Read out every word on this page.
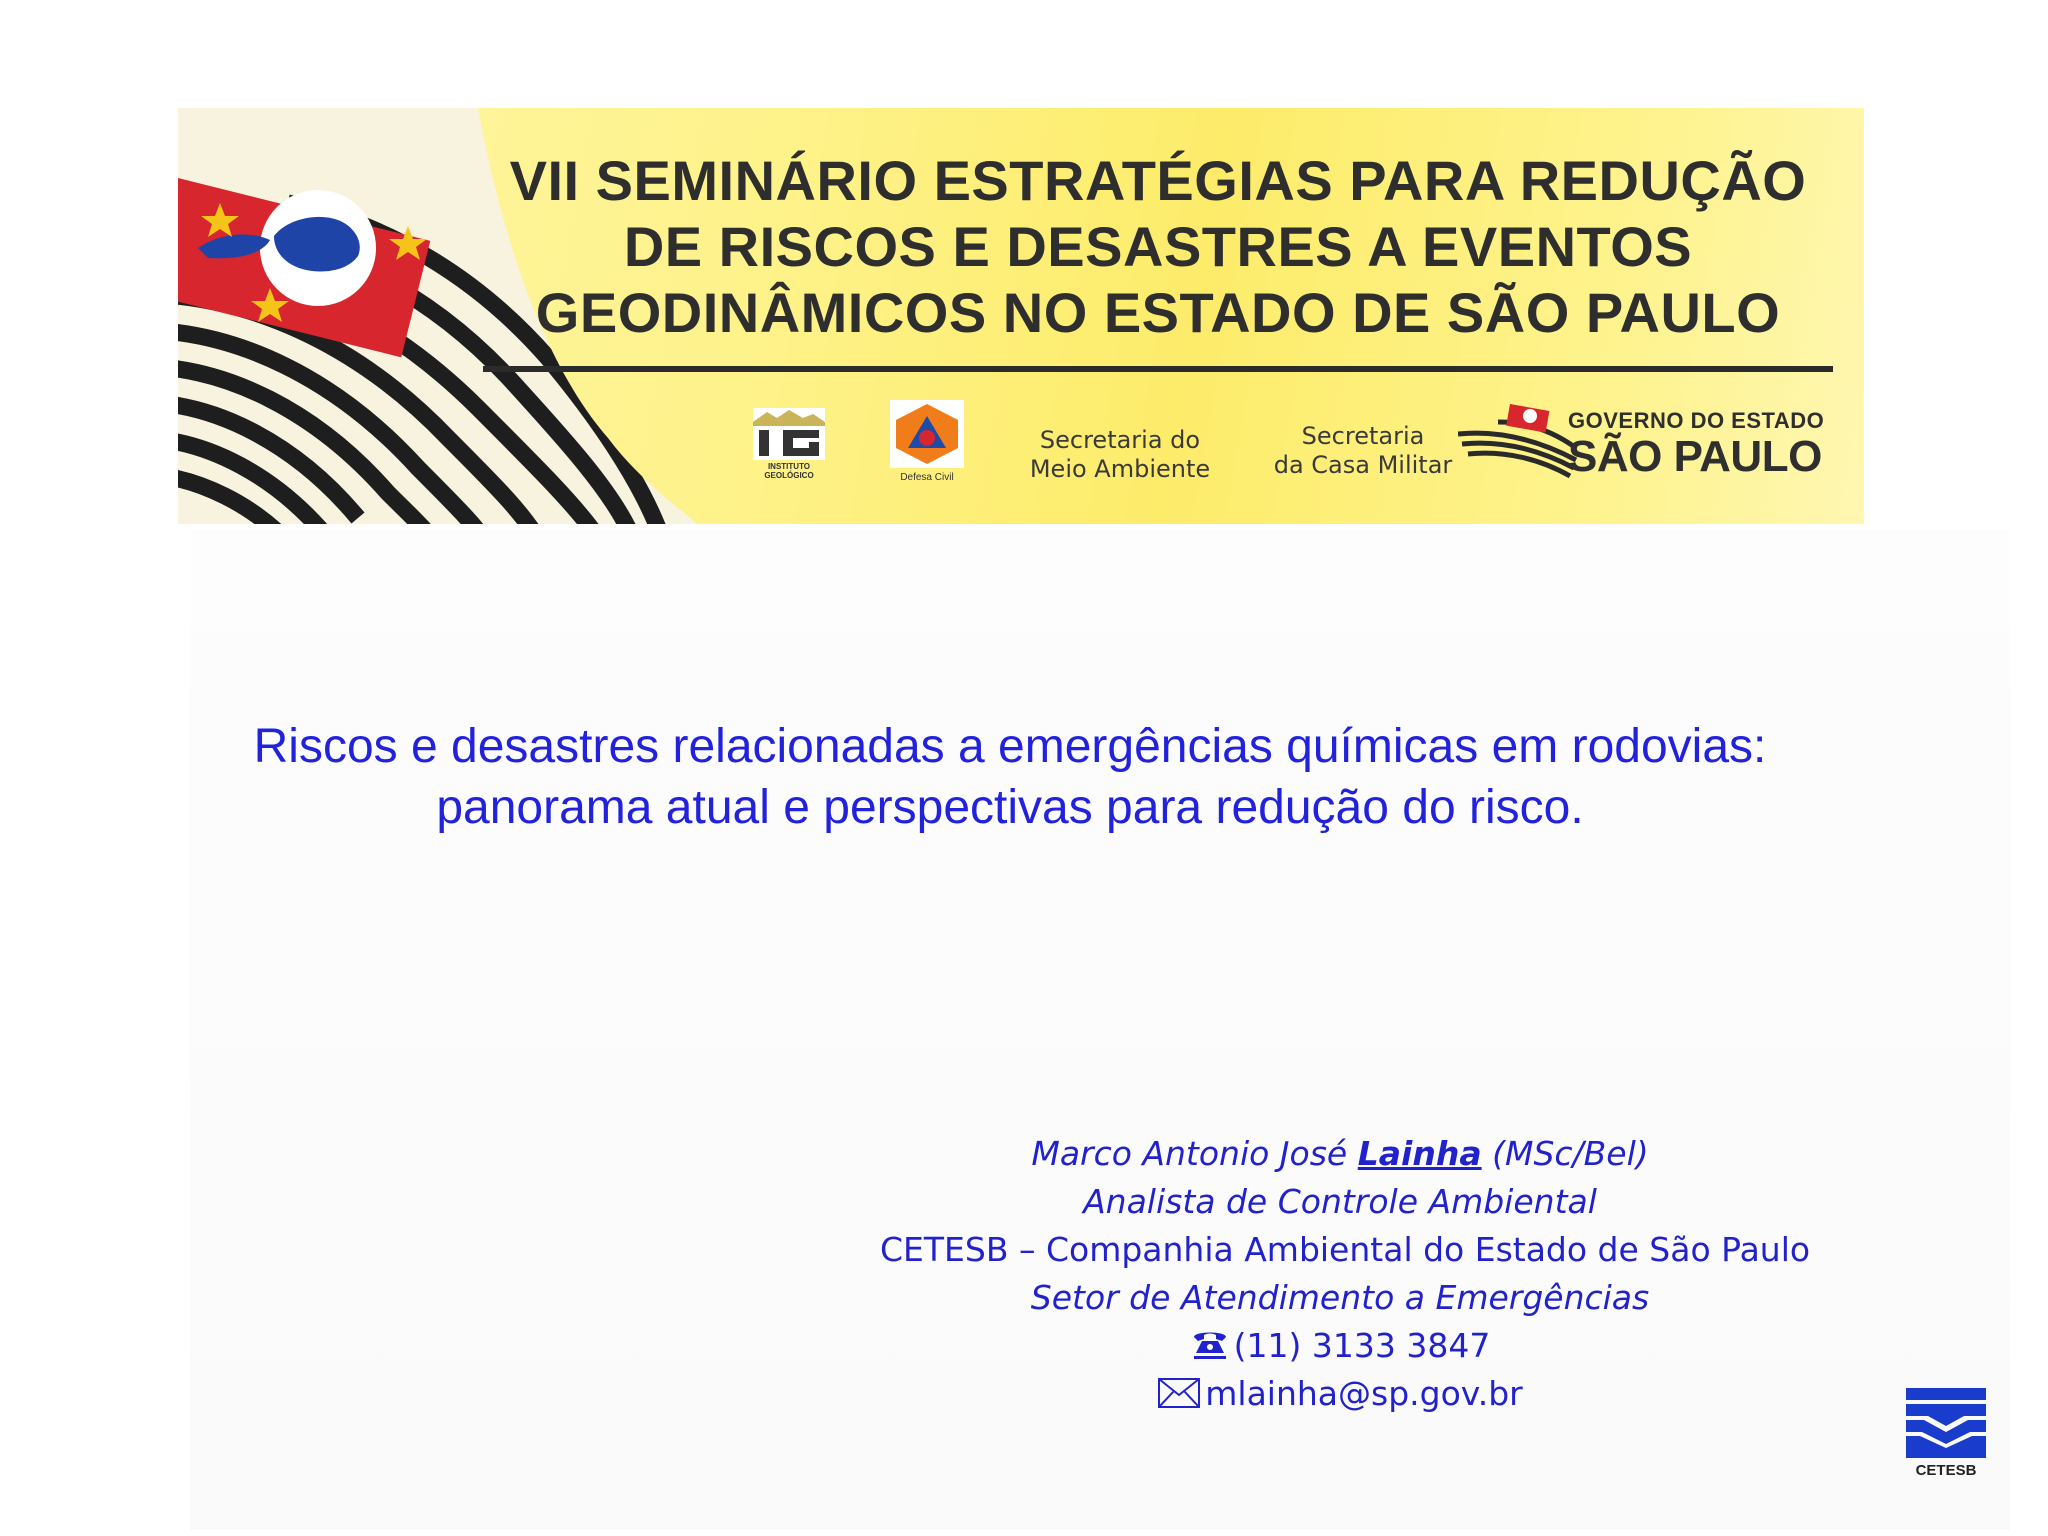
VII SEMINÁRIO ESTRATÉGIAS PARA REDUÇÃO
DE RISCOS E DESASTRES A EVENTOS
GEODINÂMICOS NO ESTADO DE SÃO PAULO
INSTITUTO
GEOLÓGICO	Defesa Civil
Secretaria do
Meio Ambiente
Secretaria
da Casa Militar
GOVERNO DO ESTADO
SÃO PAULO
Riscos e desastres relacionadas a emergências químicas em rodovias:
panorama atual e perspectivas para redução do risco.
Marco Antonio José Lainha (MSc/Bel)
Analista de Controle Ambiental
CETESB – Companhia Ambiental do Estado de São Paulo
Setor de Atendimento a Emergências
(11) 3133 3847
mlainha@sp.gov.br
CETESB
